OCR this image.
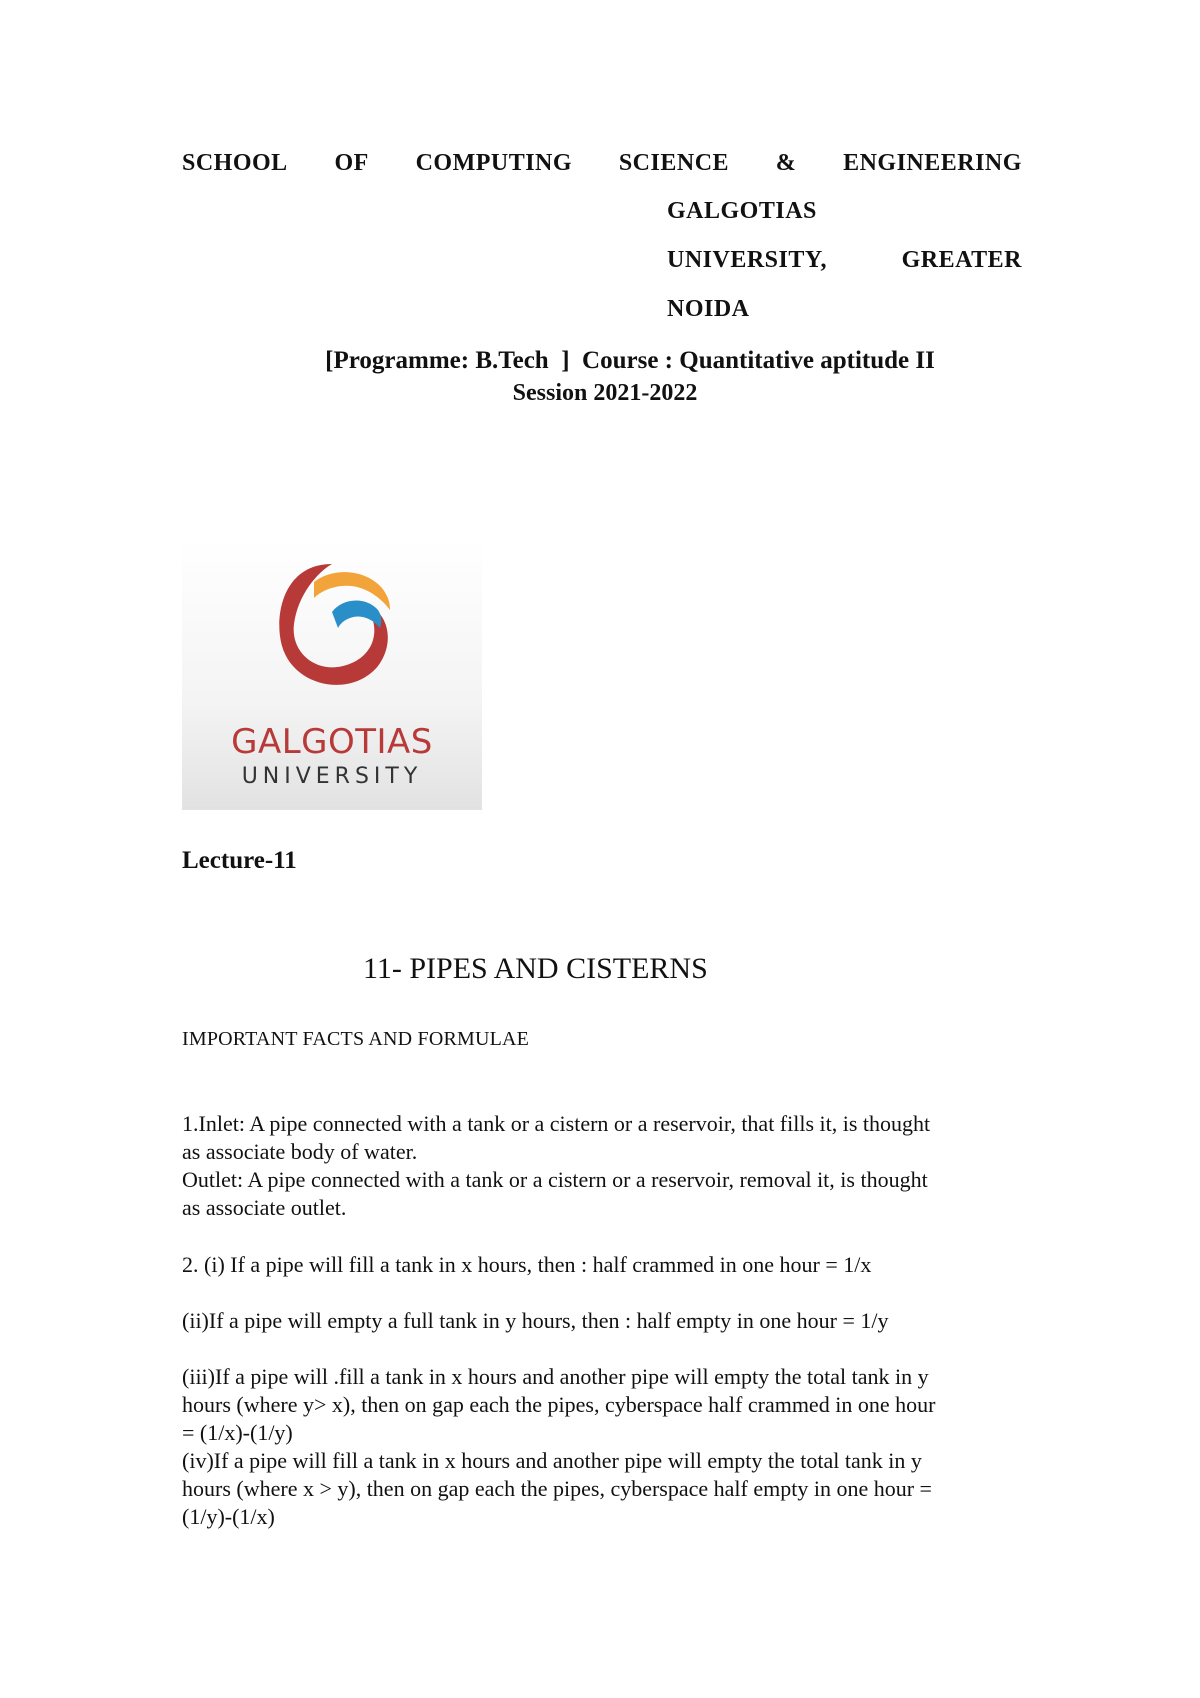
SCHOOL OF COMPUTING SCIENCE & ENGINEERING
GALGOTIAS
UNIVERSITY,	GREATER
NOIDA
[Programme: B.Tech  ]  Course : Quantitative aptitude II
Session 2021-2022
GALGOTIAS
UNIVERSITY
Lecture-11
11- PIPES AND CISTERNS
IMPORTANT FACTS AND FORMULAE
1.Inlet: A pipe connected with a tank or a cistern or a reservoir, that fills it, is thought
as associate body of water.
Outlet: A pipe connected with a tank or a cistern or a reservoir, removal it, is thought
as associate outlet.
2. (i) If a pipe will fill a tank in x hours, then : half crammed in one hour = 1/x
(ii)If a pipe will empty a full tank in y hours, then : half empty in one hour = 1/y
(iii)If a pipe will .fill a tank in x hours and another pipe will empty the total tank in y
hours (where y> x), then on gap each the pipes, cyberspace half crammed in one hour
= (1/x)-(1/y)
(iv)If a pipe will fill a tank in x hours and another pipe will empty the total tank in y
hours (where x > y), then on gap each the pipes, cyberspace half empty in one hour =
(1/y)-(1/x)
